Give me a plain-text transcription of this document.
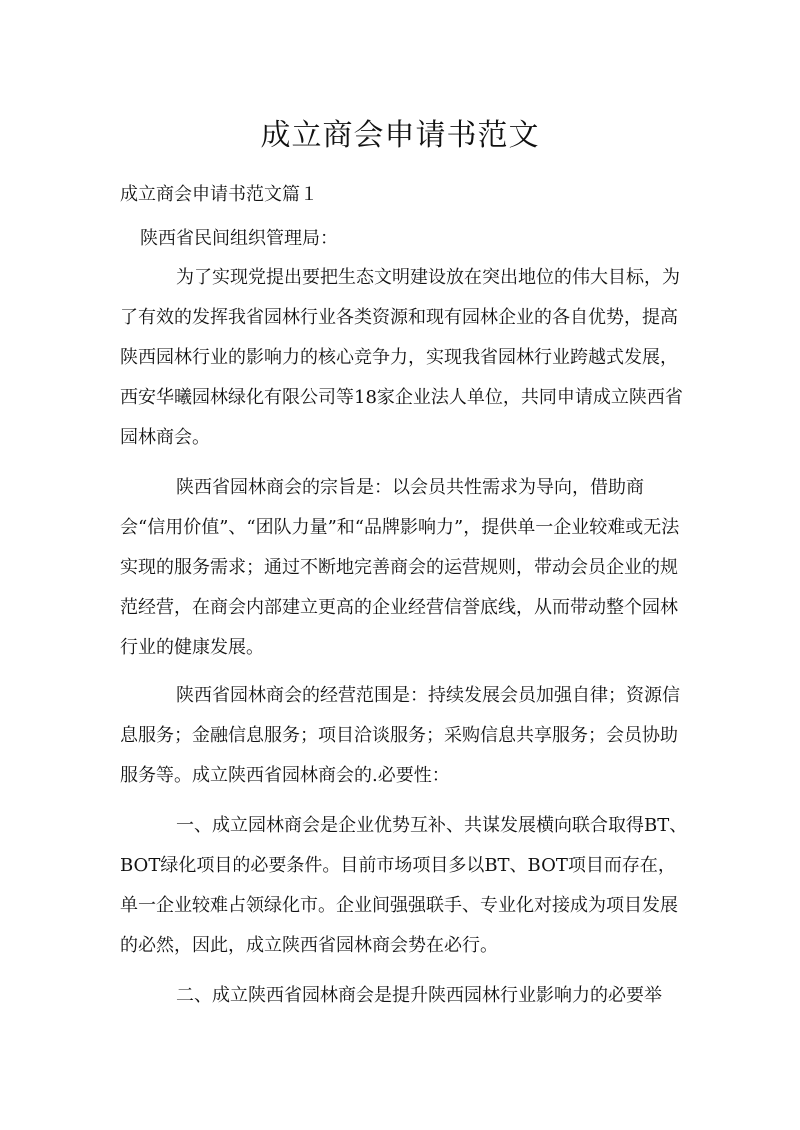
成立商会申请书范文
成立商会申请书范文篇１
陕西省民间组织管理局：

为了实现党提出要把生态文明建设放在突出地位的伟大目标，为了有效的发挥我省园林行业各类资源和现有园林企业的各自优势，提高陕西园林行业的影响力的核心竞争力，实现我省园林行业跨越式发展，西安华曦园林绿化有限公司等18家企业法人单位，共同申请成立陕西省园林商会。

陕西省园林商会的宗旨是：以会员共性需求为导向，借助商会“信用价值”、“团队力量”和“品牌影响力”，提供单一企业较难或无法实现的服务需求；通过不断地完善商会的运营规则，带动会员企业的规范经营，在商会内部建立更高的企业经营信誉底线，从而带动整个园林行业的健康发展。

陕西省园林商会的经营范围是：持续发展会员加强自律；资源信息服务；金融信息服务；项目洽谈服务；采购信息共享服务；会员协助服务等。成立陕西省园林商会的.必要性：

一、成立园林商会是企业优势互补、共谋发展横向联合取得BT、BOT绿化项目的必要条件。目前市场项目多以BT、BOT项目而存在，单一企业较难占领绿化市。企业间强强联手、专业化对接成为项目发展的必然，因此，成立陕西省园林商会势在必行。

二、成立陕西省园林商会是提升陕西园林行业影响力的必要举
